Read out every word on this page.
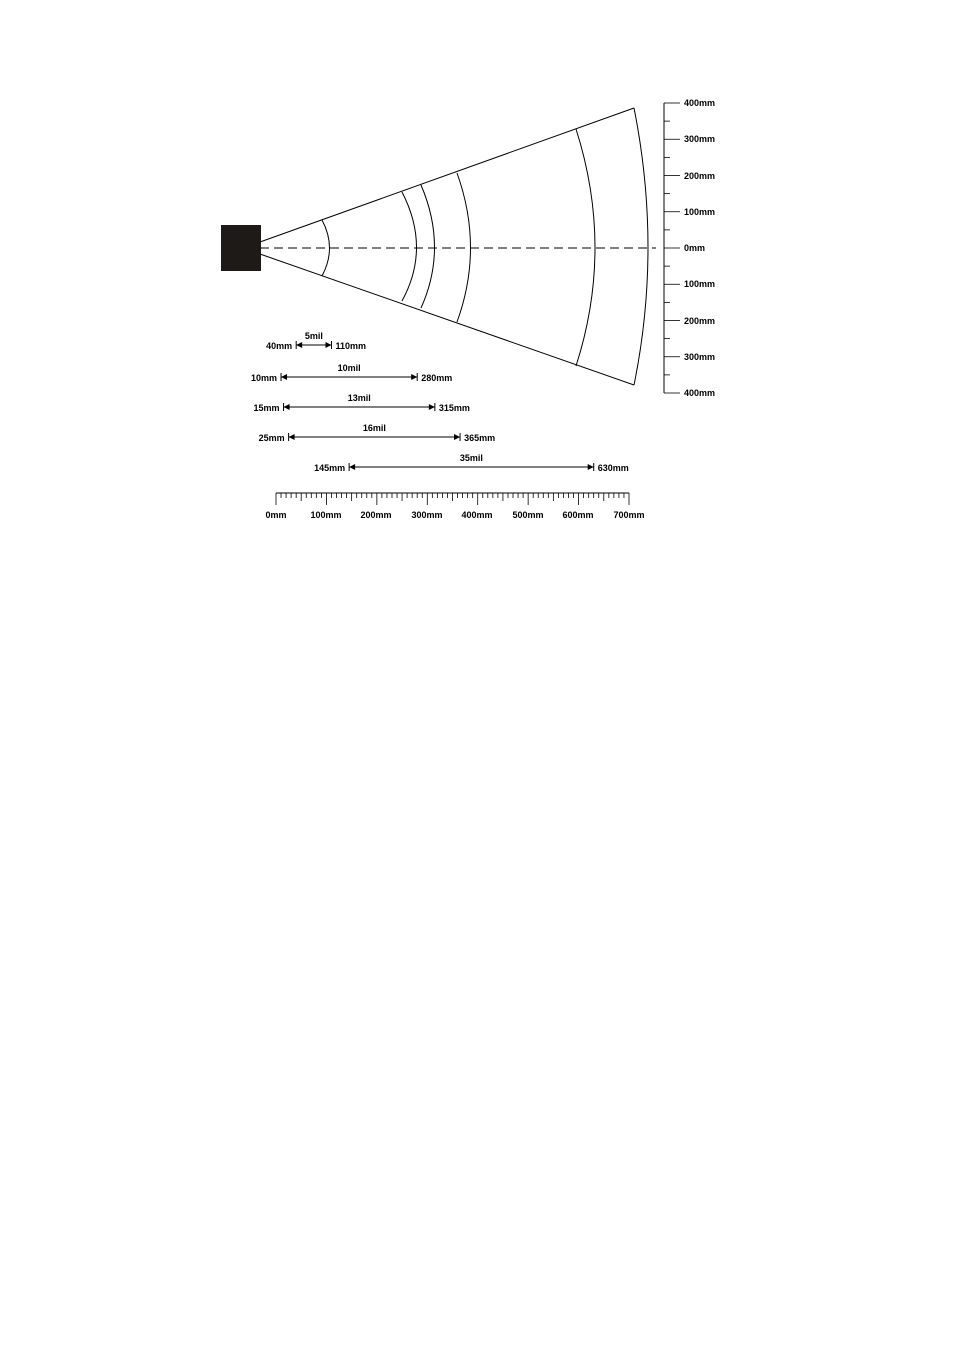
400mm
300mm
200mm
100mm
0mm
100mm
200mm
300mm
400mm
40mm	110mm
5mil
10mm	280mm
10mil
15mm	315mm
13mil
25mm	365mm
16mil
145mm	630mm
35mil
0mm	100mm 200mm 300mm 400mm 500mm 600mm 700mm
